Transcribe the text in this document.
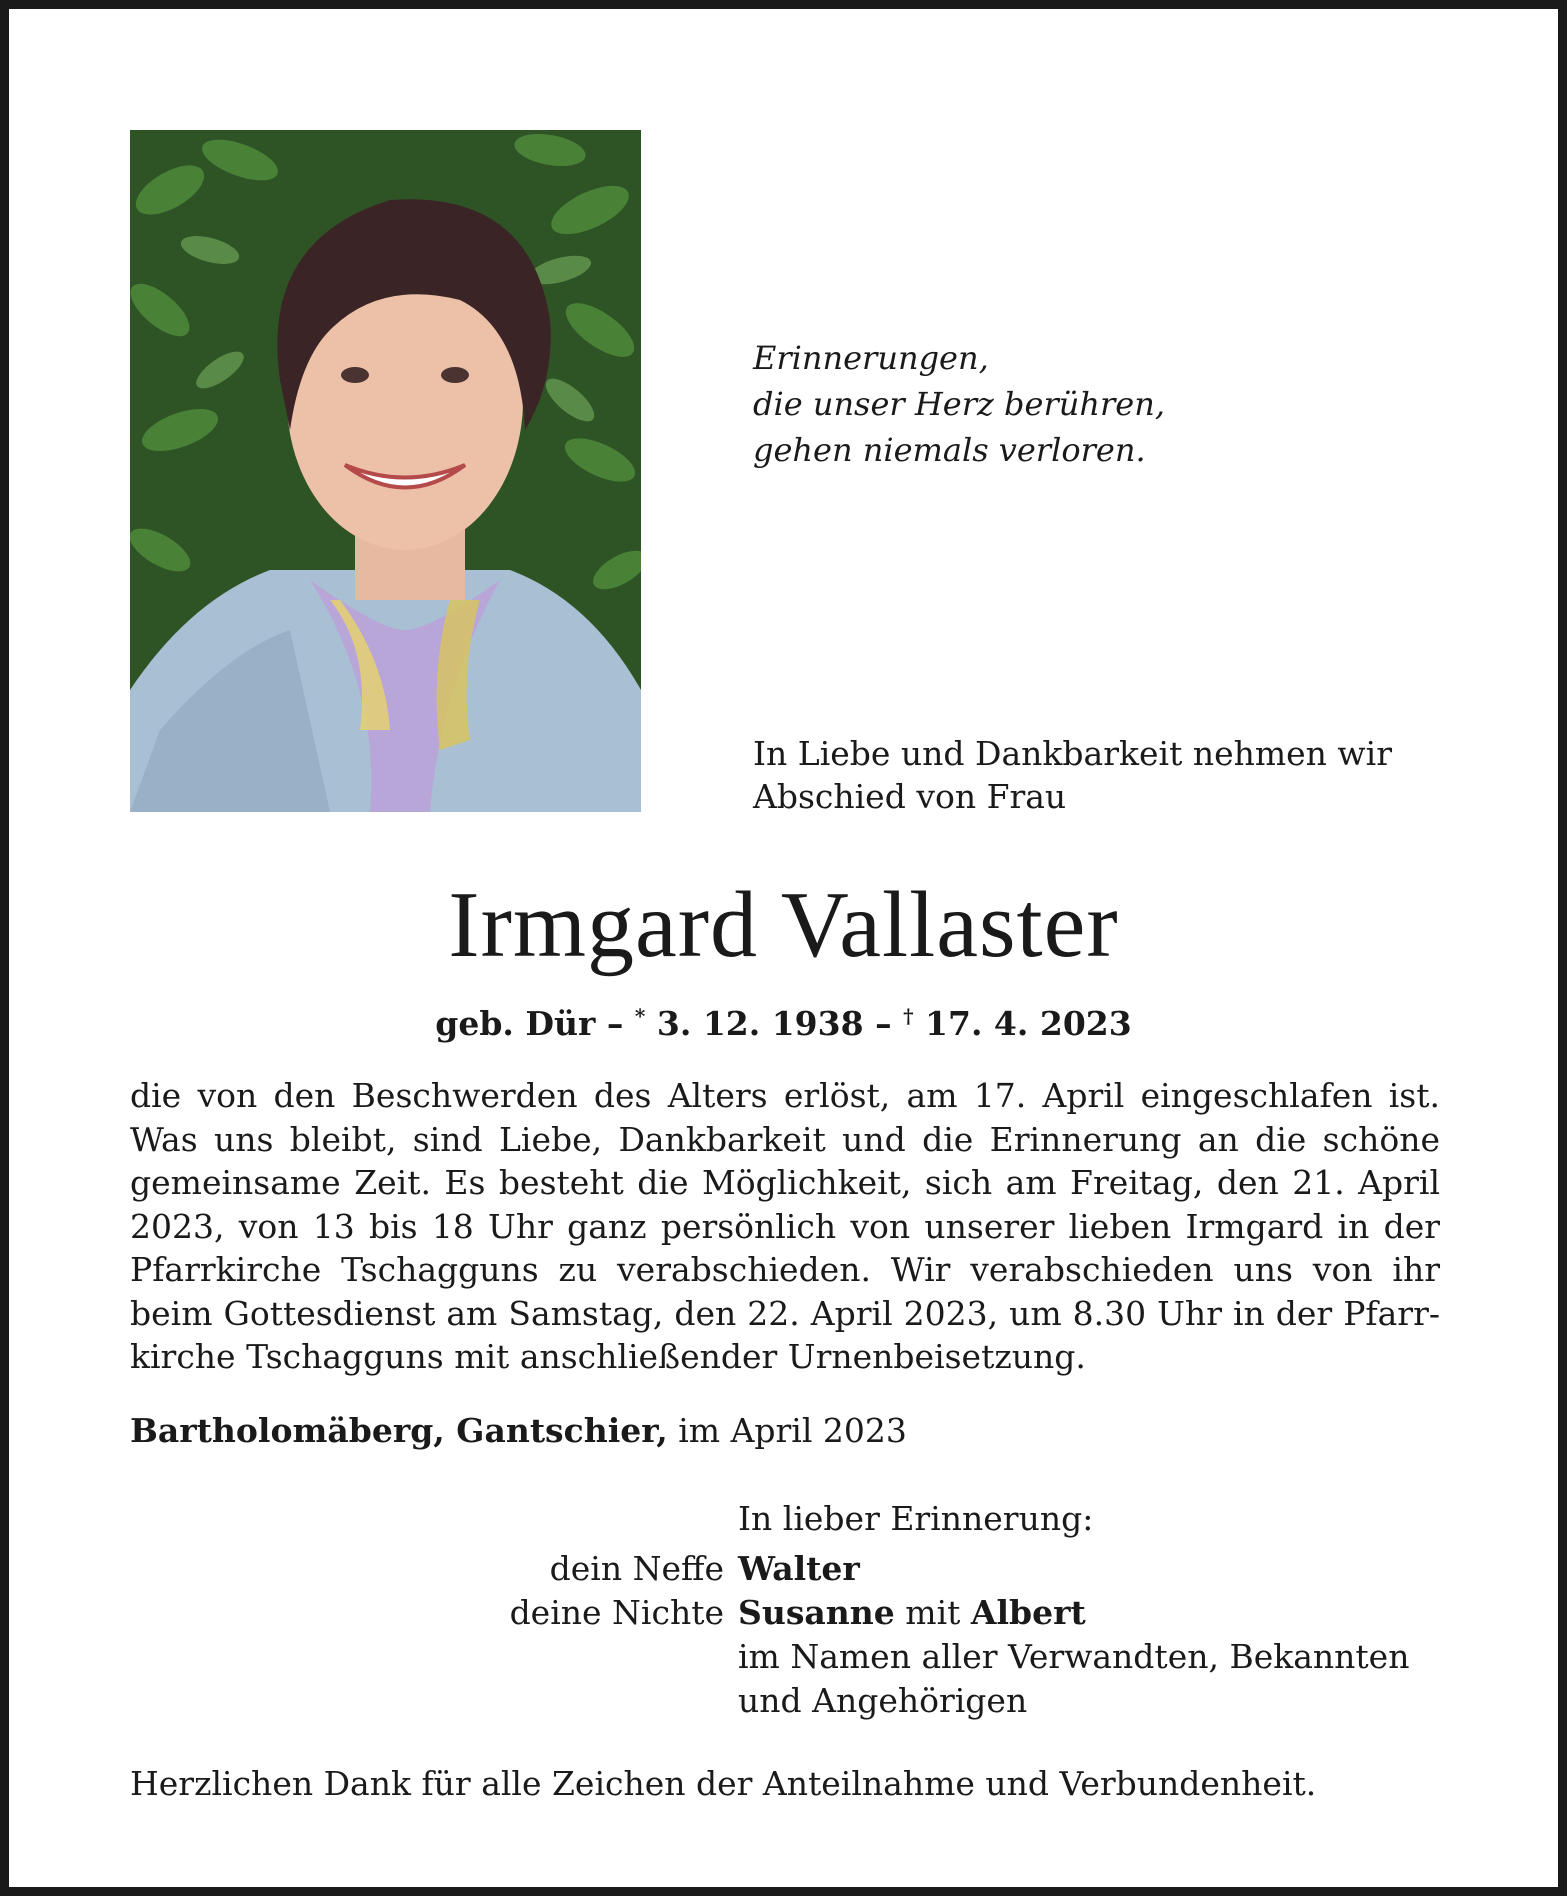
Erinnerungen,
die unser Herz berühren,
gehen niemals verloren.
In Liebe und Dankbarkeit nehmen wir
Abschied von Frau
Irmgard Vallaster
geb. Dür – * 3. 12. 1938 – † 17. 4. 2023
die von den Beschwerden des Alters erlöst, am 17. April eingeschlafen ist.
Was uns bleibt, sind Liebe, Dankbarkeit und die Erinnerung an die schöne
gemeinsame Zeit. Es besteht die Möglichkeit, sich am Freitag, den 21. April
2023, von 13 bis 18 Uhr ganz persönlich von unserer lieben Irmgard in der
Pfarrkirche Tschagguns zu verabschieden. Wir verabschieden uns von ihr
beim Gottesdienst am Samstag, den 22. April 2023, um 8.30 Uhr in der Pfarr-
kirche Tschagguns mit anschließender Urnenbeisetzung.
Bartholomäberg, Gantschier, im April 2023
In lieber Erinnerung:
dein Neffe Walter
deine Nichte Susanne mit Albert
im Namen aller Verwandten, Bekannten
und Angehörigen
Herzlichen Dank für alle Zeichen der Anteilnahme und Verbundenheit.
